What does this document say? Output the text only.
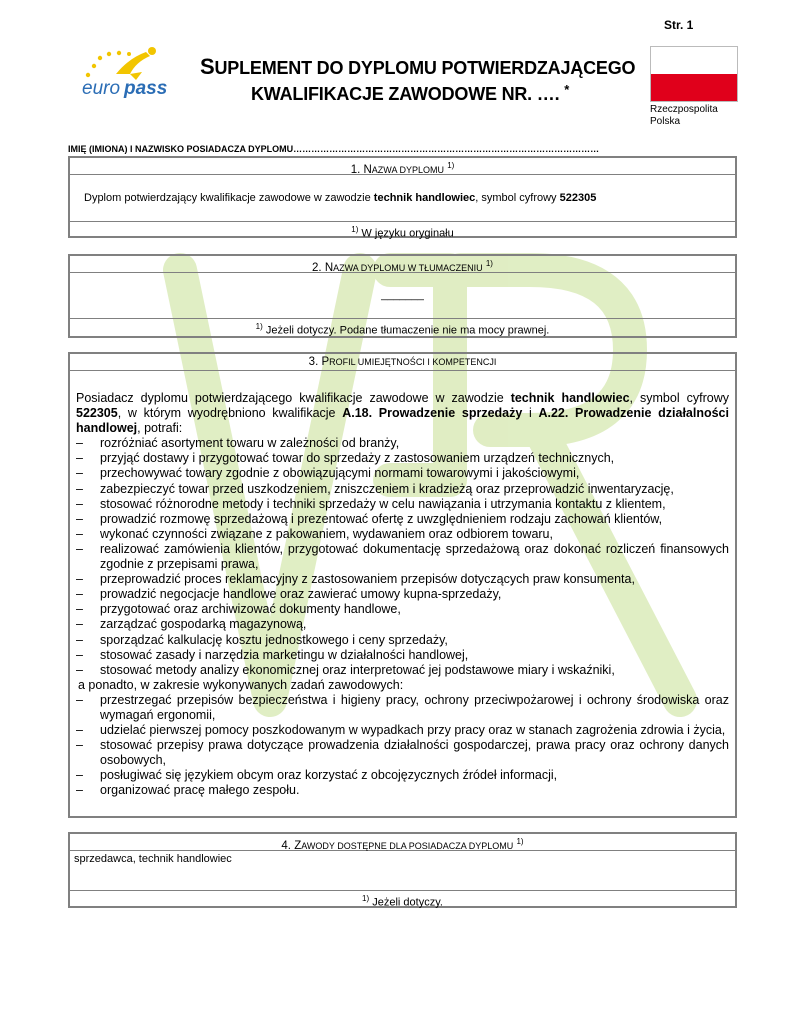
Str. 1
euro pass
SUPLEMENT DO DYPLOMU POTWIERDZAJĄCEGO
KWALIFIKACJE ZAWODOWE NR. …. *
Rzeczpospolita
Polska
IMIĘ (IMIONA) I NAZWISKO POSIADACZA DYPLOMU…………………………………………………………………………………………
1. NAZWA DYPLOMU $^{1)}$
Dyplom potwierdzający kwalifikacje zawodowe w zawodzie technik handlowiec, symbol cyfrowy 522305
$^{1)}$ W języku oryginału
2. NAZWA DYPLOMU W TŁUMACZENIU $^{1)}$
_______
$^{1)}$ Jeżeli dotyczy. Podane tłumaczenie nie ma mocy prawnej.
3. PROFIL UMIEJĘTNOŚCI I KOMPETENCJI
Posiadacz dyplomu potwierdzającego kwalifikacje zawodowe w zawodzie technik handlowiec, symbol cyfrowy 522305, w którym wyodrębniono kwalifikacje A.18. Prowadzenie sprzedaży i A.22. Prowadzenie działalności handlowej, potrafi:
– rozróżniać asortyment towaru w zależności od branży,
– przyjąć dostawy i przygotować towar do sprzedaży z zastosowaniem urządzeń technicznych,
– przechowywać towary zgodnie z obowiązującymi normami towarowymi i jakościowymi,
– zabezpieczyć towar przed uszkodzeniem, zniszczeniem i kradzieżą oraz przeprowadzić inwentaryzację,
– stosować różnorodne metody i techniki sprzedaży w celu nawiązania i utrzymania kontaktu z klientem,
– prowadzić rozmowę sprzedażową i prezentować ofertę z uwzględnieniem rodzaju zachowań klientów,
– wykonać czynności związane z pakowaniem, wydawaniem oraz odbiorem towaru,
– realizować zamówienia klientów, przygotować dokumentację sprzedażową oraz dokonać rozliczeń finansowych zgodnie z przepisami prawa,
– przeprowadzić proces reklamacyjny z zastosowaniem przepisów dotyczących praw konsumenta,
– prowadzić negocjacje handlowe oraz zawierać umowy kupna-sprzedaży,
– przygotować oraz archiwizować dokumenty handlowe,
– zarządzać gospodarką magazynową,
– sporządzać kalkulację kosztu jednostkowego i ceny sprzedaży,
– stosować zasady i narzędzia marketingu w działalności handlowej,
– stosować metody analizy ekonomicznej oraz interpretować jej podstawowe miary i wskaźniki,
a ponadto, w zakresie wykonywanych zadań zawodowych:
– przestrzegać przepisów bezpieczeństwa i higieny pracy, ochrony przeciwpożarowej i ochrony środowiska oraz wymagań ergonomii,
– udzielać pierwszej pomocy poszkodowanym w wypadkach przy pracy oraz w stanach zagrożenia zdrowia i życia,
– stosować przepisy prawa dotyczące prowadzenia działalności gospodarczej, prawa pracy oraz ochrony danych osobowych,
– posługiwać się językiem obcym oraz korzystać z obcojęzycznych źródeł informacji,
– organizować pracę małego zespołu.
4. ZAWODY DOSTĘPNE DLA POSIADACZA DYPLOMU $^{1)}$
sprzedawca, technik handlowiec
$^{1)}$ Jeżeli dotyczy.
